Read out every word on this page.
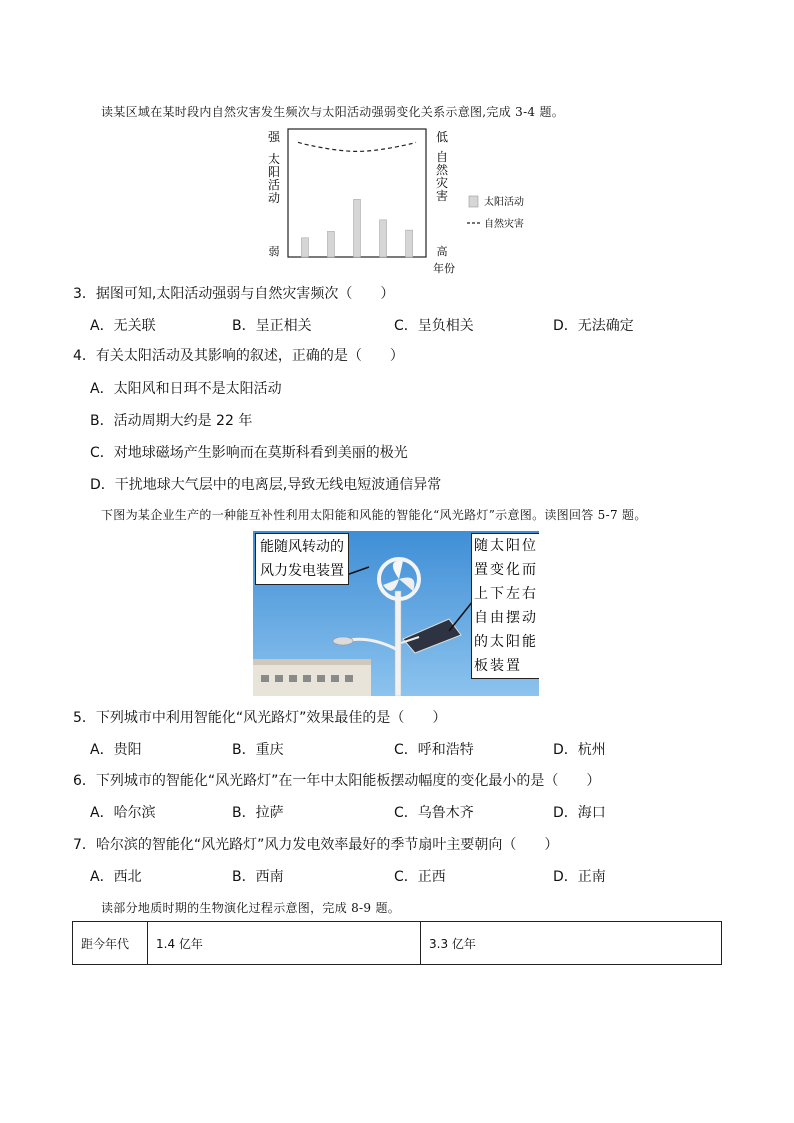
读某区域在某时段内自然灾害发生频次与太阳活动强弱变化关系示意图,完成 3-4 题。
强
弱
太阳活动
低
高
自然灾害
年份
太阳活动
自然灾害
3．据图可知,太阳活动强弱与自然灾害频次（　　）
A．无关联	B．呈正相关	C．呈负相关	D．无法确定
4．有关太阳活动及其影响的叙述，正确的是（　　）
A．太阳风和日珥不是太阳活动
B．活动周期大约是 22 年
C．对地球磁场产生影响而在莫斯科看到美丽的极光
D．干扰地球大气层中的电离层,导致无线电短波通信异常
下图为某企业生产的一种能互补性利用太阳能和风能的智能化“风光路灯”示意图。读图回答 5-7 题。
能随风转动的
风力发电装置
随太阳位
置变化而
上下左右
自由摆动
的太阳能
板装置
5．下列城市中利用智能化“风光路灯”效果最佳的是（　　）
A．贵阳	B．重庆	C．呼和浩特	D．杭州
6．下列城市的智能化“风光路灯”在一年中太阳能板摆动幅度的变化最小的是（　　）
A．哈尔滨	B．拉萨	C．乌鲁木齐	D．海口
7．哈尔滨的智能化“风光路灯”风力发电效率最好的季节扇叶主要朝向（　　）
A．西北	B．西南	C．正西	D．正南
读部分地质时期的生物演化过程示意图，完成 8-9 题。
距今年代	1.4 亿年	3.3 亿年
